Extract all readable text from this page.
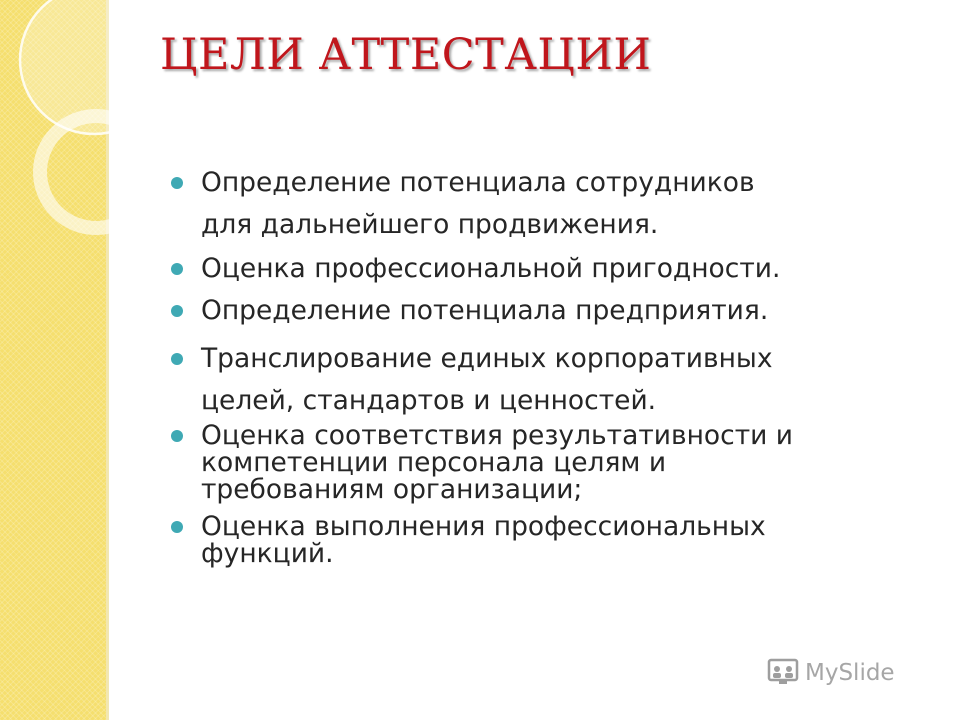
ЦЕЛИ АТТЕСТАЦИИ
Определение потенциала сотрудников
для дальнейшего продвижения.
Оценка профессиональной пригодности.
Определение потенциала предприятия.
Транслирование единых корпоративных
целей, стандартов и ценностей.
Оценка соответствия результативности и
компетенции персонала целям и
требованиям организации;
Оценка выполнения профессиональных
функций.
MySlide
